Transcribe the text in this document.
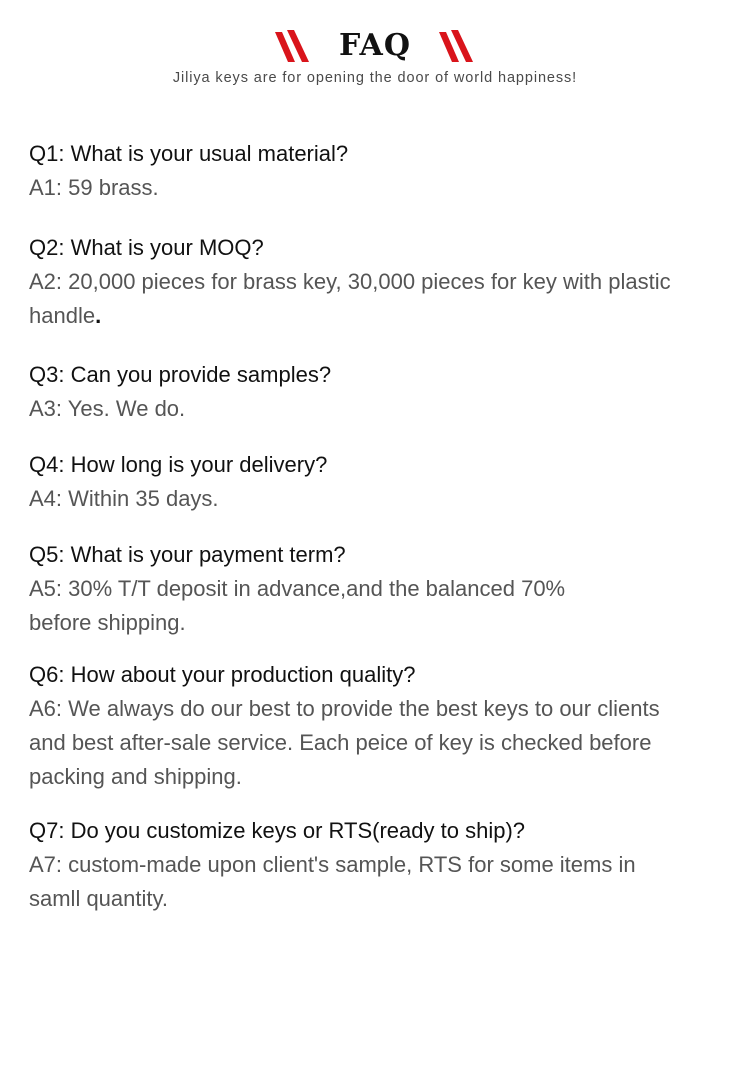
FAQ
Jiliya keys are for opening the door of world happiness!
Q1: What is your usual material?
A1: 59 brass.
Q2: What is your MOQ?
A2: 20,000 pieces for brass key, 30,000 pieces for key with plastic
handle.
Q3: Can you provide samples?
A3: Yes. We do.
Q4: How long is your delivery?
A4: Within 35 days.
Q5: What is your payment term?
A5: 30% T/T deposit in advance,and the balanced 70%
before shipping.
Q6: How about your production quality?
A6: We always do our best to provide the best keys to our clients
and best after-sale service. Each peice of key is checked before
packing and shipping.
Q7: Do you customize keys or RTS(ready to ship)?
A7: custom-made upon client's sample, RTS for some items in
samll quantity.
